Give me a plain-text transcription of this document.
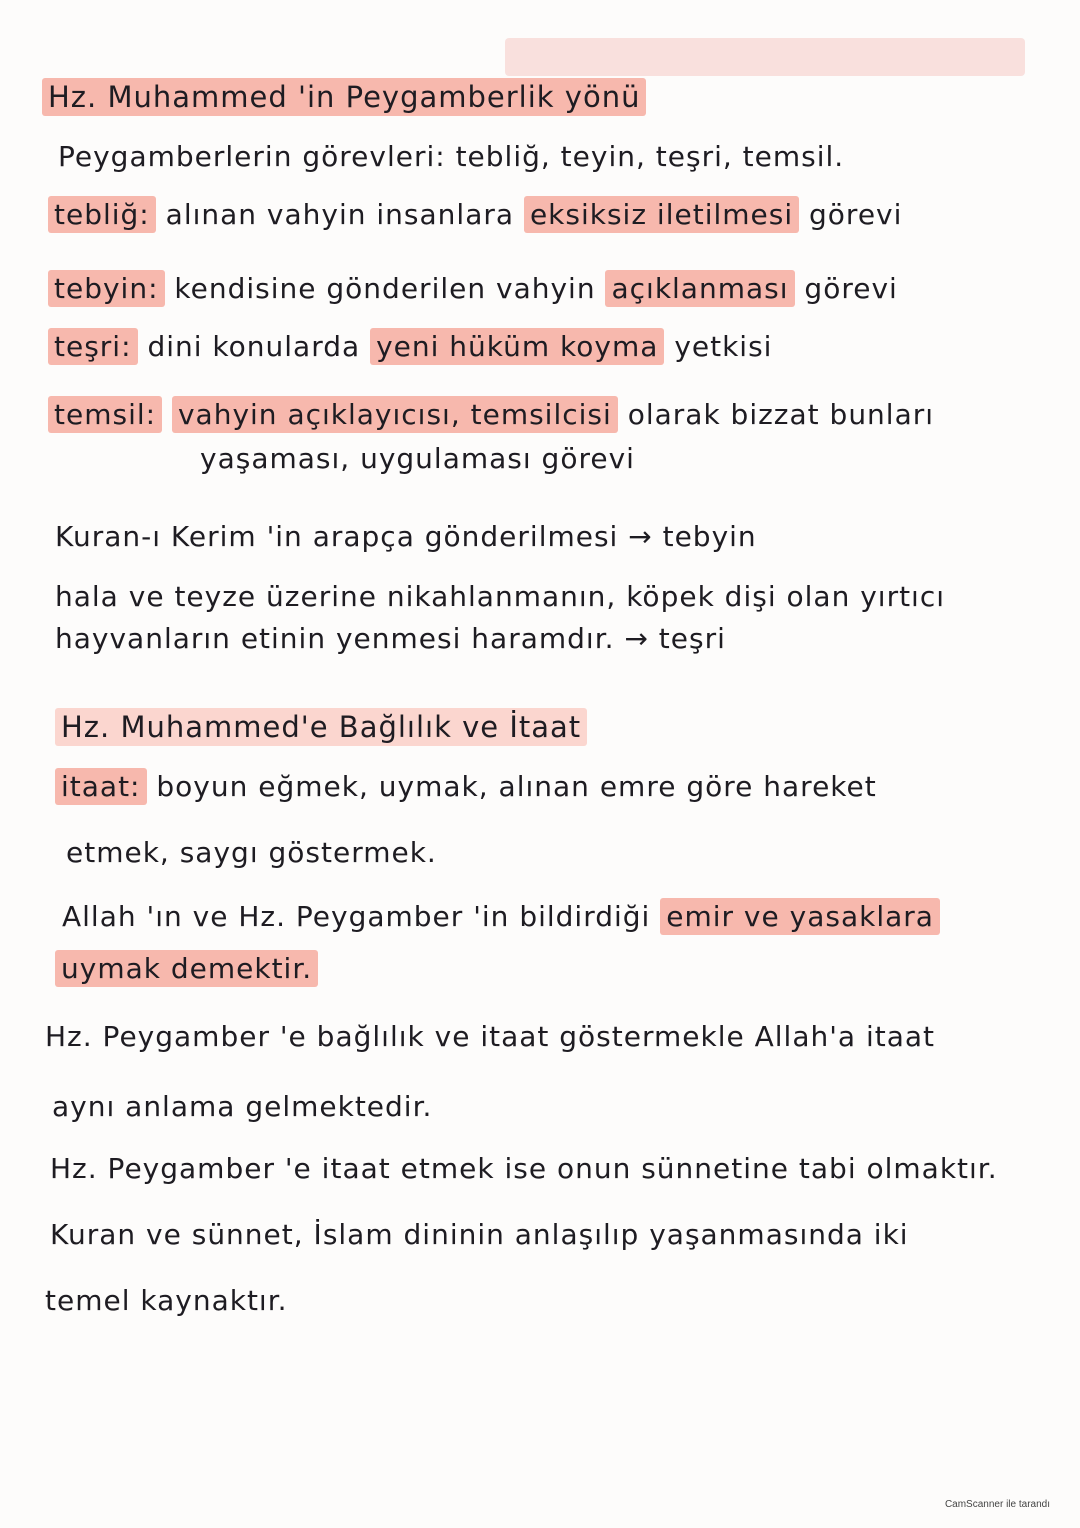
Hz. Muhammed 'in Peygamberlik yönü
Peygamberlerin görevleri: tebliğ, teyin, teşri, temsil.
tebliğ: alınan vahyin insanlara eksiksiz iletilmesi görevi
tebyin: kendisine gönderilen vahyin açıklanması görevi
teşri: dini konularda yeni hüküm koyma yetkisi
temsil: vahyin açıklayıcısı, temsilcisi olarak bizzat bunları
yaşaması, uygulaması görevi
Kuran-ı Kerim 'in arapça gönderilmesi → tebyin
hala ve teyze üzerine nikahlanmanın, köpek dişi olan yırtıcı
hayvanların etinin yenmesi haramdır. → teşri
Hz. Muhammed'e Bağlılık ve İtaat
itaat: boyun eğmek, uymak, alınan emre göre hareket
etmek, saygı göstermek.
Allah 'ın ve Hz. Peygamber 'in bildirdiği emir ve yasaklara
uymak demektir.
Hz. Peygamber 'e bağlılık ve itaat göstermekle Allah'a itaat
aynı anlama gelmektedir.
Hz. Peygamber 'e itaat etmek ise onun sünnetine tabi olmaktır.
Kuran ve sünnet, İslam dininin anlaşılıp yaşanmasında iki
temel kaynaktır.
CamScanner ile tarandı
